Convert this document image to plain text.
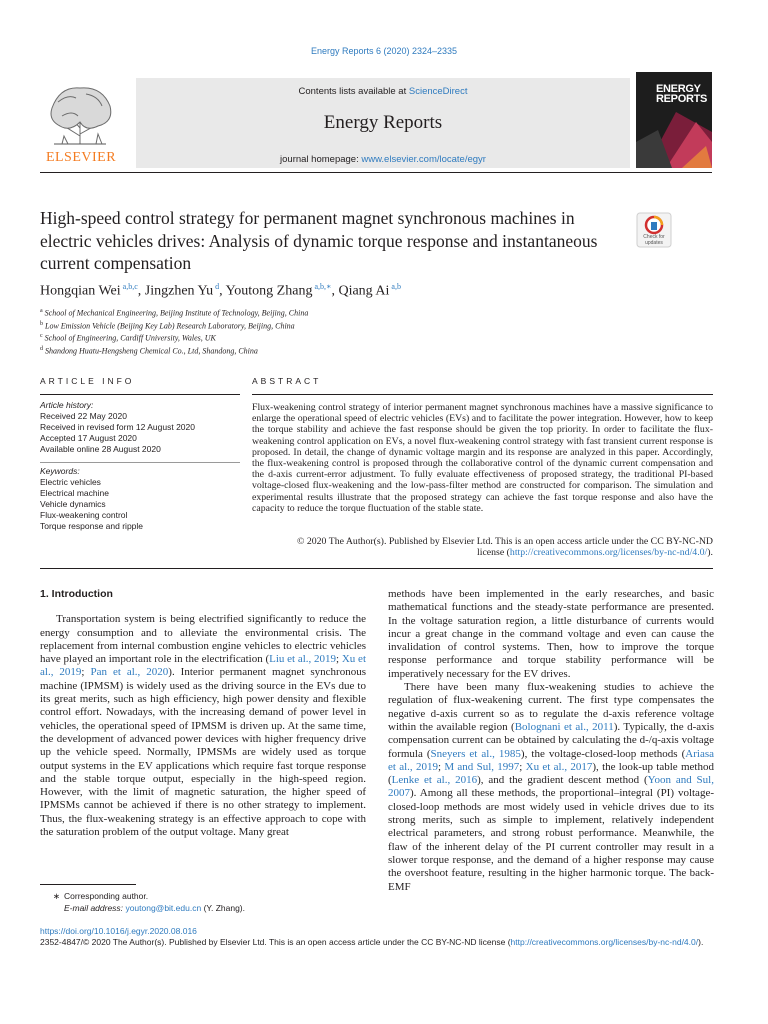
Energy Reports 6 (2020) 2324–2335
ELSEVIER
Contents lists available at ScienceDirect
Energy Reports
journal homepage: www.elsevier.com/locate/egyr
ENERGY
REPORTS
High-speed control strategy for permanent magnet synchronous machines in electric vehicles drives: Analysis of dynamic torque response and instantaneous current compensation
Check for
updates
Hongqian Wei $^{a,b,c}$, Jingzhen Yu $^d$, Youtong Zhang $^{a,b,∗}$, Qiang Ai $^{a,b}$
$^a$ School of Mechanical Engineering, Beijing Institute of Technology, Beijing, China
$^b$ Low Emission Vehicle (Beijing Key Lab) Research Laboratory, Beijing, China
$^c$ School of Engineering, Cardiff University, Wales, UK
$^d$ Shandong Huatu-Hengsheng Chemical Co., Ltd, Shandong, China
ARTICLE INFO	ABSTRACT
Article history:
Received 22 May 2020
Received in revised form 12 August 2020
Accepted 17 August 2020
Available online 28 August 2020
Keywords:
Electric vehicles
Electrical machine
Vehicle dynamics
Flux-weakening control
Torque response and ripple
Flux-weakening control strategy of interior permanent magnet synchronous machines have a massive significance to enlarge the operational speed of electric vehicles (EVs) and to facilitate the power integration. However, how to keep the torque stability and achieve the fast response should be given the top priority. In order to facilitate the flux-weakening control application on EVs, a novel flux-weakening control strategy with fast transient current response is proposed. In detail, the change of dynamic voltage margin and its response are analyzed in this paper. Accordingly, the flux-weakening control is proposed through the collaborative control of the dynamic current compensation and the d-axis current-error adjustment. To fully evaluate effectiveness of proposed strategy, the traditional PI-based voltage-closed flux-weakening and the low-pass-filter method are constructed for comparison. The simulation and experimental results illustrate that the proposed strategy can achieve the fast torque response and also have the capacity to reduce the torque fluctuation of the stable state.
© 2020 The Author(s). Published by Elsevier Ltd. This is an open access article under the CC BY-NC-ND
license (http://creativecommons.org/licenses/by-nc-nd/4.0/).
1. Introduction

Transportation system is being electrified significantly to reduce the energy consumption and to alleviate the environmental crisis. The replacement from internal combustion engine vehicles to electric vehicles have played an important role in the electrification (Liu et al., 2019; Xu et al., 2019; Pan et al., 2020). Interior permanent magnet synchronous machine (IPMSM) is widely used as the driving source in the EVs due to its great merits, such as high efficiency, high power density and flexible control effort. Nowadays, with the increasing demand of power level in vehicles, the operational speed of IPMSM is driven up. At the same time, the development of advanced power devices with higher frequency drive up the vehicle speed. Normally, IPMSMs are widely used as torque output systems in the EV applications which require fast torque response and the stable torque output, especially in the high-speed region. However, with the limit of magnetic saturation, the higher speed of IPMSMs cannot be achieved if there is no other strategy to implement. Thus, the flux-weakening strategy is an effective approach to cope with the saturation problem of the output voltage. Many great

methods have been implemented in the early researches, and basic mathematical functions and the steady-state performance are presented. In the voltage saturation region, a little disturbance of currents would incur a great change in the command voltage and even can cause the invalidation of control systems. Then, how to improve the torque response performance and torque stability performance will be imperatively necessary for the EV drives.

There have been many flux-weakening studies to achieve the regulation of flux-weakening current. The first type compensates the negative d-axis current so as to regulate the d-axis reference voltage within the available region (Bolognani et al., 2011). Typically, the d-axis compensation current can be obtained by calculating the d-/q-axis voltage formula (Sneyers et al., 1985), the voltage-closed-loop methods (Ariasa et al., 2019; M and Sul, 1997; Xu et al., 2017), the look-up table method (Lenke et al., 2016), and the gradient descent method (Yoon and Sul, 2007). Among all these methods, the proportional–integral (PI) voltage-closed-loop methods are most widely used in vehicle drives due to its strong merits, such as simple to implement, relatively independent electrical parameters, and strong robust performance. Meanwhile, the flaw of the inherent delay of the PI current controller may result in a slower torque response, and the demand of a higher response may cause the overshoot feature, resulting in the higher harmonic torque. The back-EMF

∗ Corresponding author.
E-mail address: youtong@bit.edu.cn (Y. Zhang).
https://doi.org/10.1016/j.egyr.2020.08.016
2352-4847/© 2020 The Author(s). Published by Elsevier Ltd. This is an open access article under the CC BY-NC-ND license (http://creativecommons.org/licenses/by-nc-nd/4.0/).
